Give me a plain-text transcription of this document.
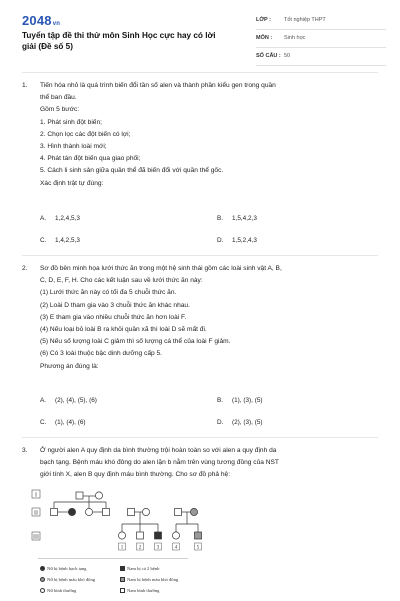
2048vn
Tuyển tập đề thi thử môn Sinh Học cực hay có lời giải (Đề số 5)
LỚP : Tốt nghiệp THPT
MÔN : Sinh học
SỐ CÂU : 50
1. Tiến hóa nhỏ là quá trình biến đổi tần số alen và thành phần kiểu gen trong quần
thể ban đầu.
Gồm 5 bước:
1. Phát sinh đột biến;
2. Chọn lọc các đột biến có lợi;
3. Hình thành loài mới;
4. Phát tán đột biến qua giao phối;
5. Cách li sinh sản giữa quần thể đã biến đổi với quần thể gốc.
Xác định trật tự đúng:
A. 1,2,4,5,3	B. 1,5,4,2,3
C. 1,4,2,5,3	D. 1,5,2,4,3
2. Sơ đồ bên minh họa lưới thức ăn trong một hệ sinh thái gồm các loài sinh vật A, B,
C, D, E, F, H. Cho các kết luận sau về lưới thức ăn này:
(1) Lưới thức ăn này có tối đa 5 chuỗi thức ăn.
(2) Loài D tham gia vào 3 chuỗi thức ăn khác nhau.
(3) E tham gia vào nhiều chuỗi thức ăn hơn loài F.
(4) Nếu loại bỏ loài B ra khỏi quần xã thì loài D sẽ mất đi.
(5) Nếu số lượng loài C giảm thì số lượng cá thể của loài F giảm.
(6) Có 3 loài thuộc bậc dinh dưỡng cấp 5.
Phương án đúng là:
A. (2), (4), (5), (6)	B. (1), (3), (5)
C. (1), (4), (6)	D. (2), (3), (5)
3. Ở người alen A quy định da bình thường trội hoàn toàn so với alen a quy định da
bạch tạng. Bệnh máu khó đông do alen lặn b nằm trên vùng tương đồng của NST
giới tính X, alen B quy định máu bình thường. Cho sơ đồ phả hệ:
I
II
III
1	2	3	4	5
Nữ bị bệnh bạch tạng	Nam bị cả 2 bệnh
Nữ bị bệnh máu khó đông	Nam bị bệnh máu khó đông
Nữ bình thường	Nam bình thường
